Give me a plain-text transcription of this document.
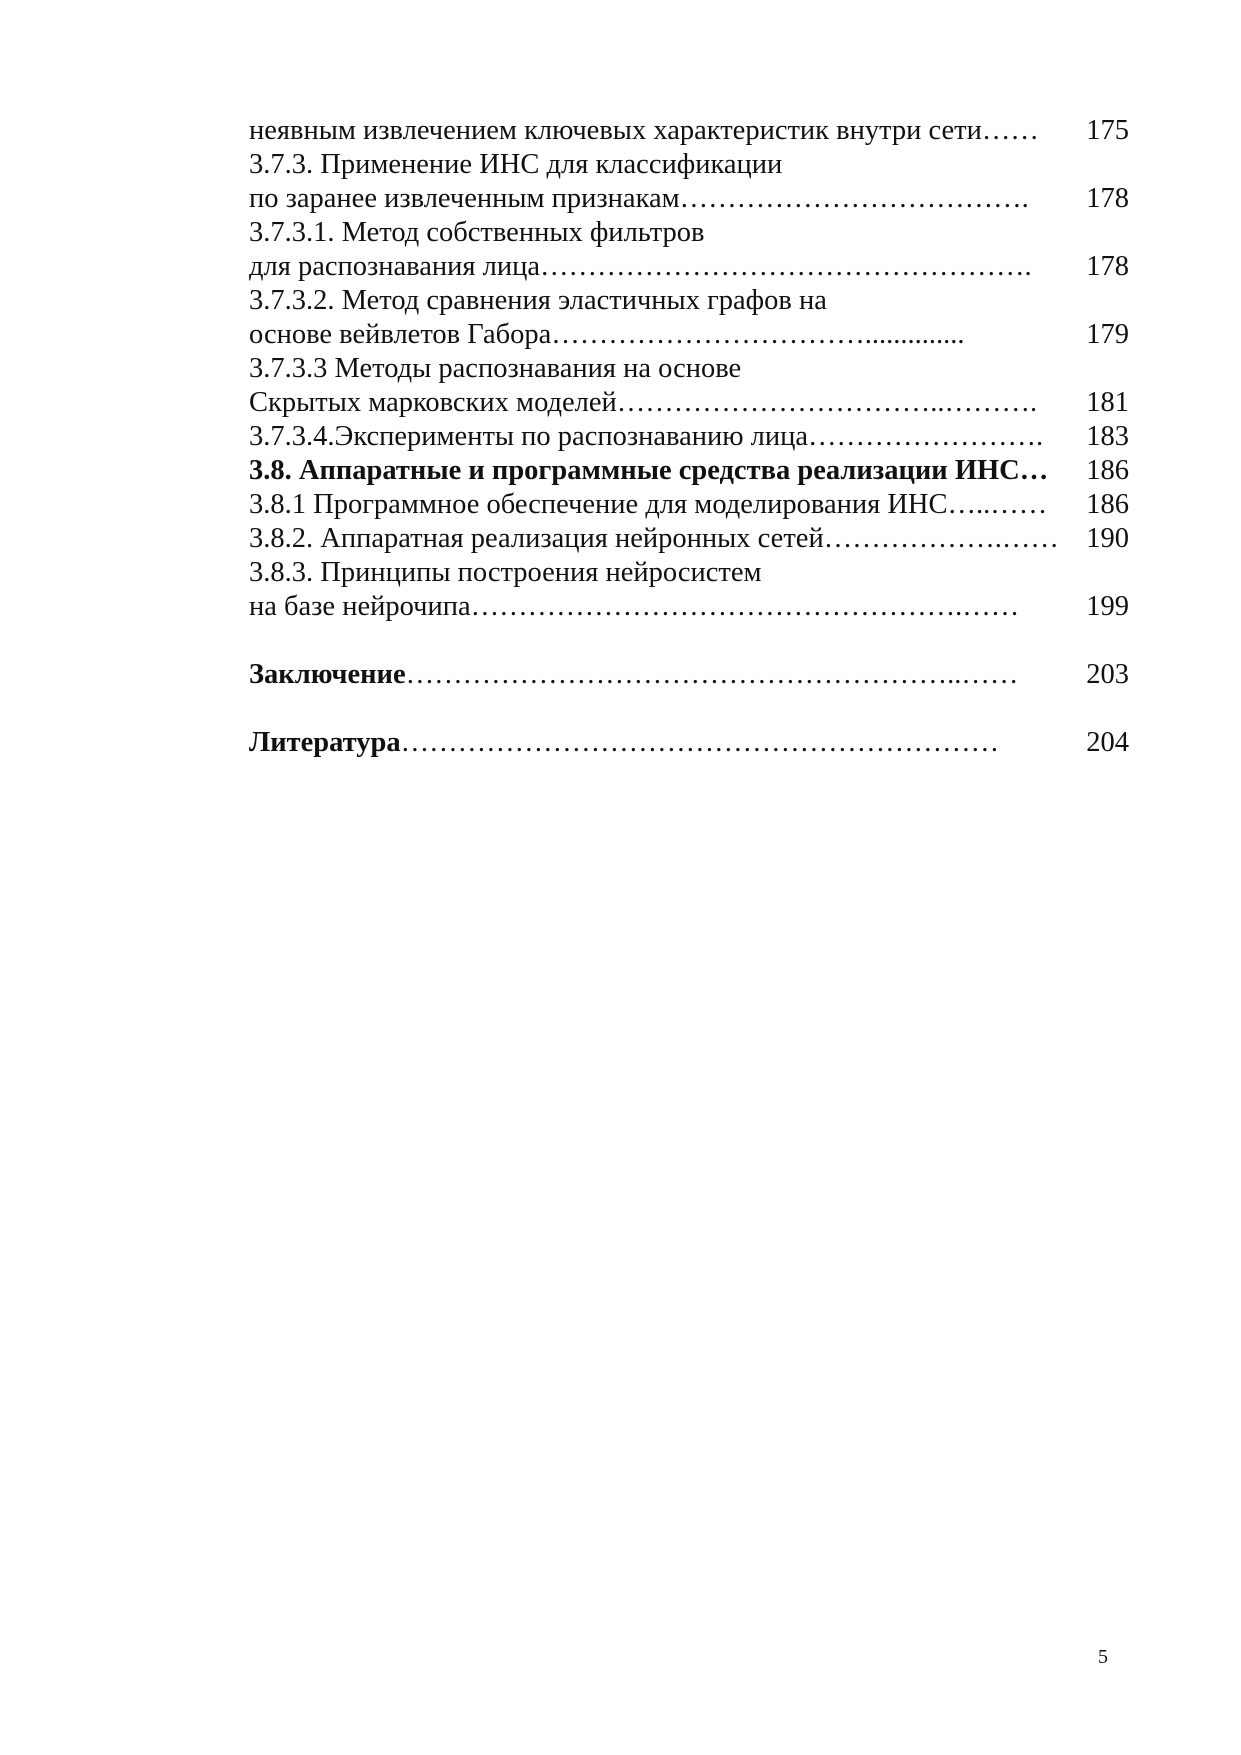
неявным извлечением ключевых характеристик внутри сети……	175
3.7.3. Применение ИНС для классификации
по заранее извлеченным признакам……………………………….	178
3.7.3.1. Метод собственных фильтров
для распознавания лица…………………………………………….	178
3.7.3.2. Метод сравнения эластичных графов на
основе вейвлетов Габора……………………………..............	179
3.7.3.3 Методы распознавания на основе
Скрытых марковских моделей……………………………..……….	181
3.7.3.4.Эксперименты по распознаванию лица…………………….	183
3.8. Аппаратные и программные средства реализации ИНС…	186
3.8.1 Программное обеспечение для моделирования ИНС…..……	186
3.8.2. Аппаратная реализация нейронных сетей……………….…… 190
3.8.3. Принципы построения нейросистем
на базе нейрочипа…………………………………………….……	199
Заключение…………………………………………………..……	203
Литература………………………………………………………	204
5
